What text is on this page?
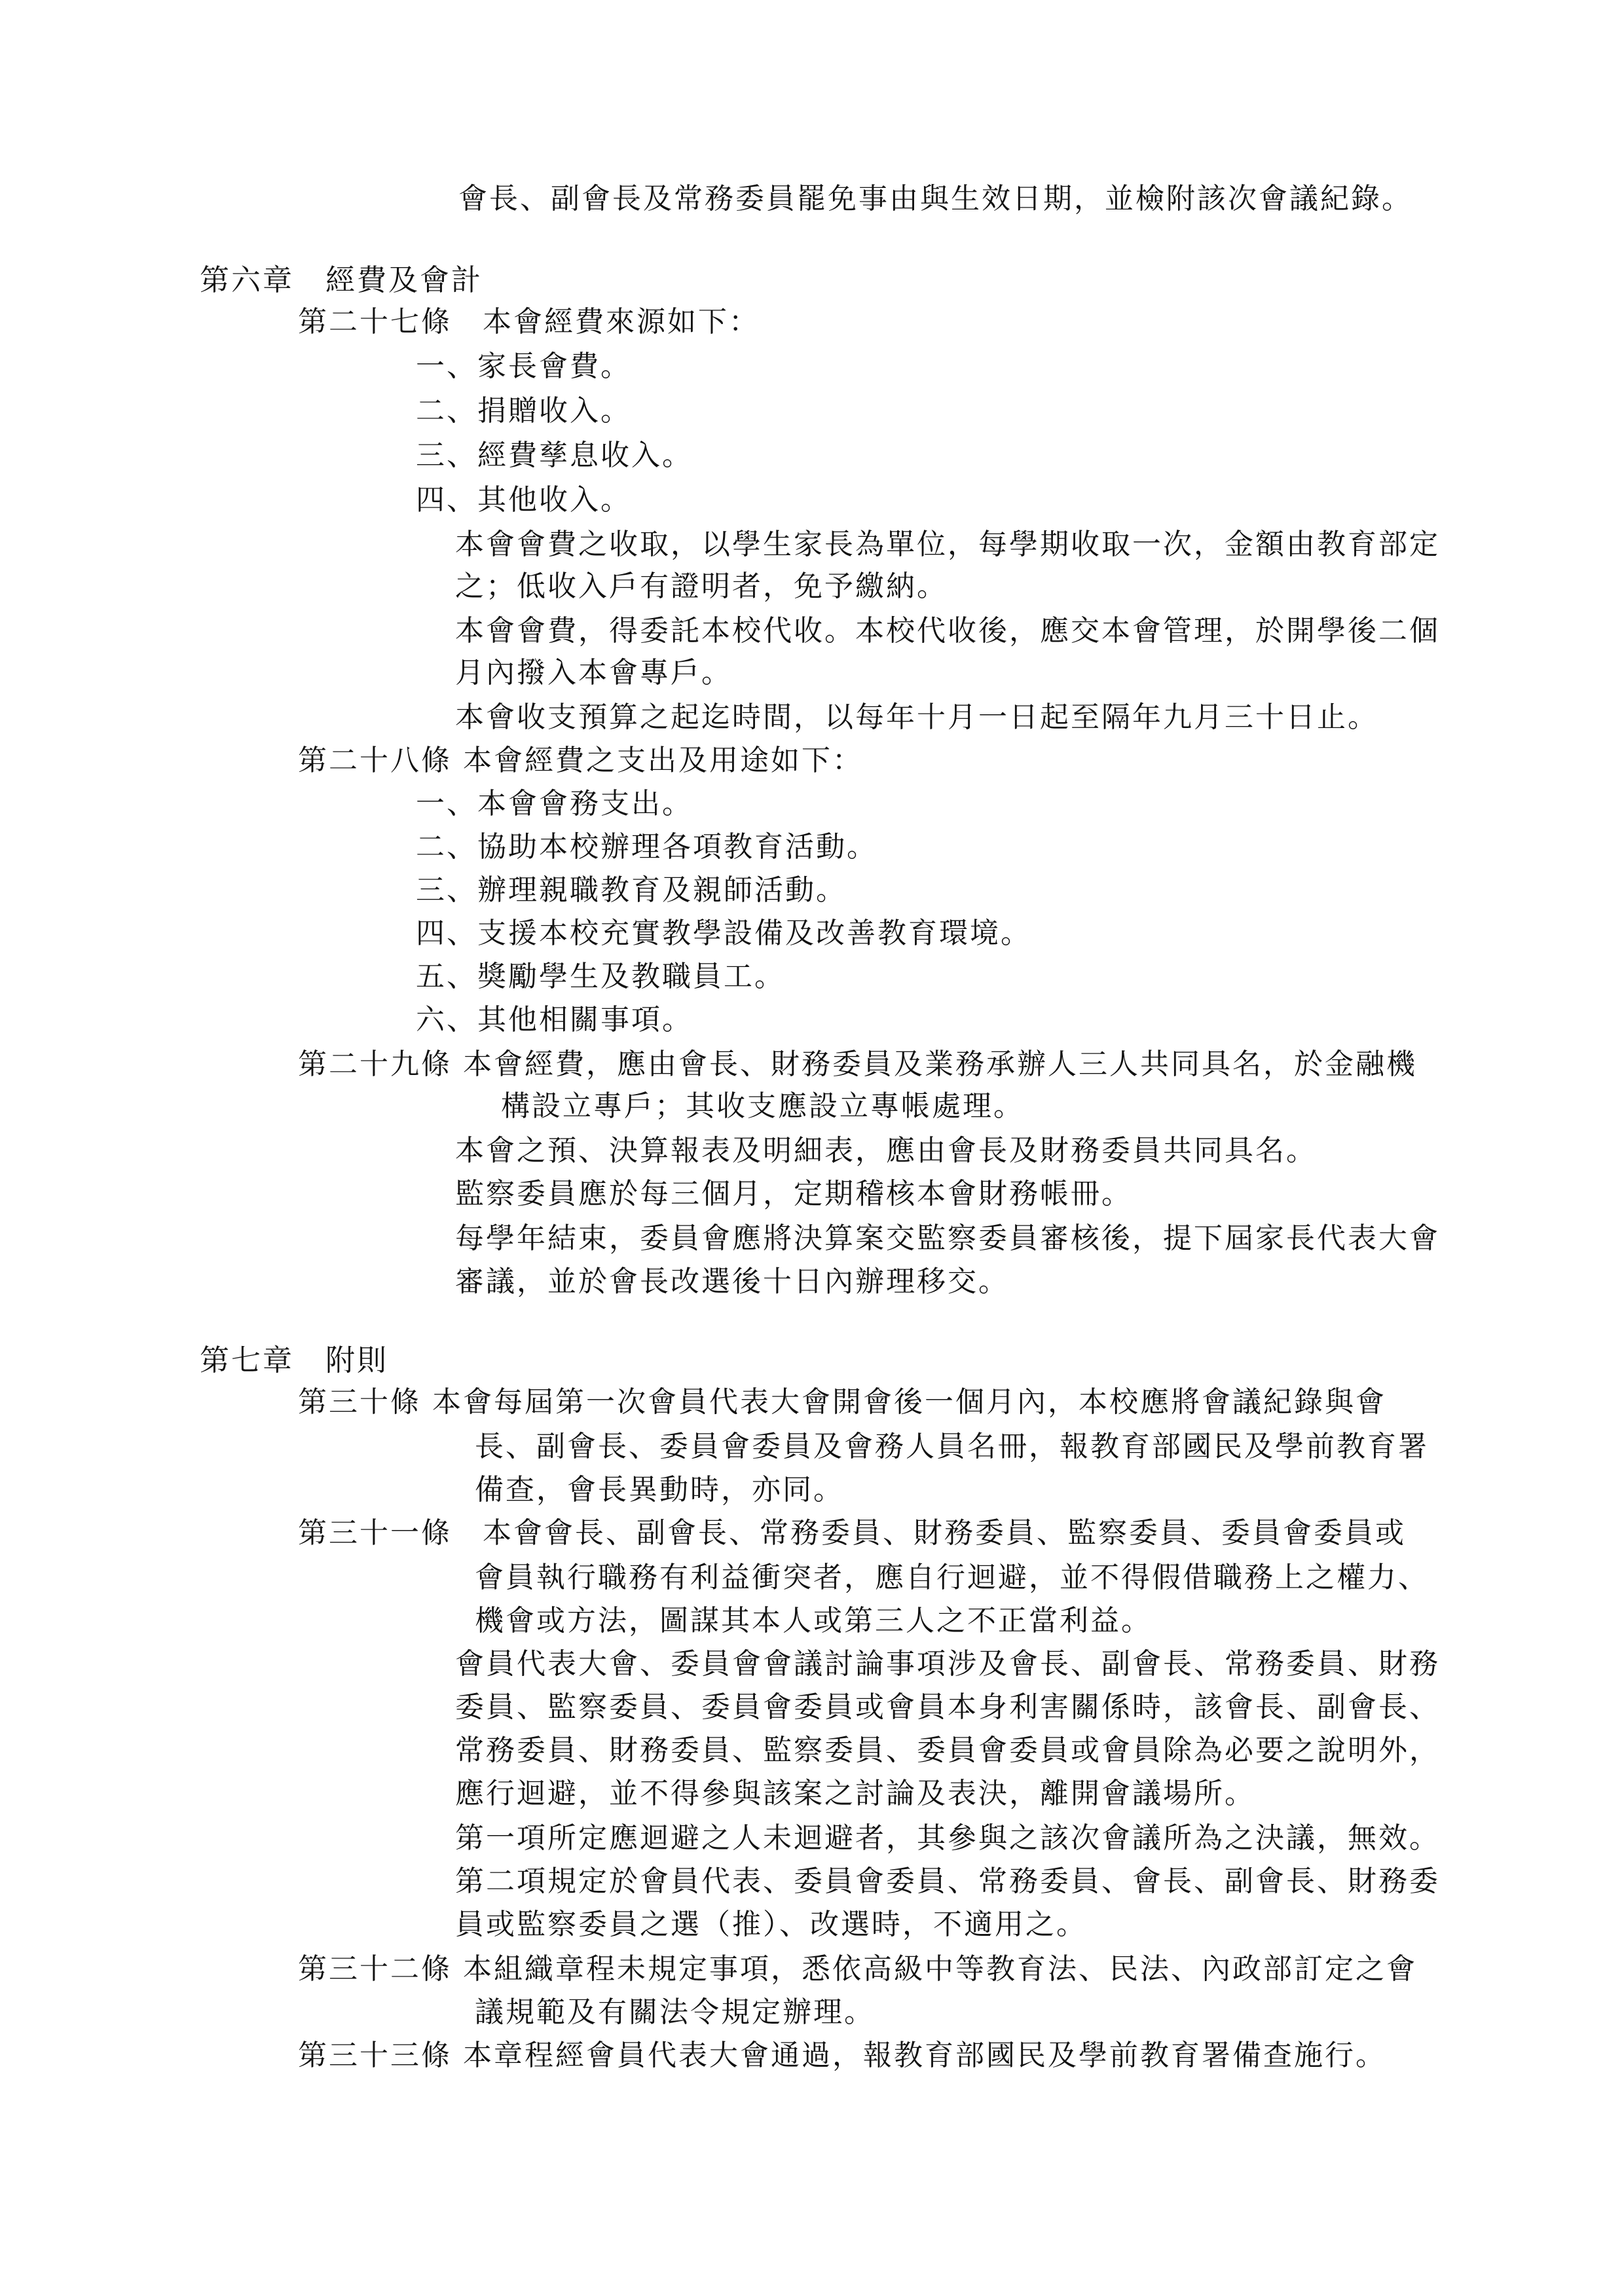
會長、副會長及常務委員罷免事由與生效日期，並檢附該次會議紀錄。
第六章　經費及會計
第二十七條　本會經費來源如下：
一、家長會費。
二、捐贈收入。
三、經費孳息收入。
四、其他收入。
本會會費之收取，以學生家長為單位，每學期收取一次，金額由教育部定
之；低收入戶有證明者，免予繳納。
本會會費，得委託本校代收。本校代收後，應交本會管理，於開學後二個
月內撥入本會專戶。
本會收支預算之起迄時間，以每年十月一日起至隔年九月三十日止。
第二十八條 本會經費之支出及用途如下：
一、本會會務支出。
二、協助本校辦理各項教育活動。
三、辦理親職教育及親師活動。
四、支援本校充實教學設備及改善教育環境。
五、獎勵學生及教職員工。
六、其他相關事項。
第二十九條 本會經費，應由會長、財務委員及業務承辦人三人共同具名，於金融機
構設立專戶；其收支應設立專帳處理。
本會之預、決算報表及明細表，應由會長及財務委員共同具名。
監察委員應於每三個月，定期稽核本會財務帳冊。
每學年結束，委員會應將決算案交監察委員審核後，提下屆家長代表大會
審議，並於會長改選後十日內辦理移交。
第七章　附則
第三十條 本會每屆第一次會員代表大會開會後一個月內，本校應將會議紀錄與會
長、副會長、委員會委員及會務人員名冊，報教育部國民及學前教育署
備查，會長異動時，亦同。
第三十一條　本會會長、副會長、常務委員、財務委員、監察委員、委員會委員或
會員執行職務有利益衝突者，應自行迴避，並不得假借職務上之權力、
機會或方法，圖謀其本人或第三人之不正當利益。
會員代表大會、委員會會議討論事項涉及會長、副會長、常務委員、財務
委員、監察委員、委員會委員或會員本身利害關係時，該會長、副會長、
常務委員、財務委員、監察委員、委員會委員或會員除為必要之說明外，
應行迴避，並不得參與該案之討論及表決，離開會議場所。
第一項所定應迴避之人未迴避者，其參與之該次會議所為之決議，無效。
第二項規定於會員代表、委員會委員、常務委員、會長、副會長、財務委
員或監察委員之選（推）、改選時，不適用之。
第三十二條 本組織章程未規定事項，悉依高級中等教育法、民法、內政部訂定之會
議規範及有關法令規定辦理。
第三十三條 本章程經會員代表大會通過，報教育部國民及學前教育署備查施行。
